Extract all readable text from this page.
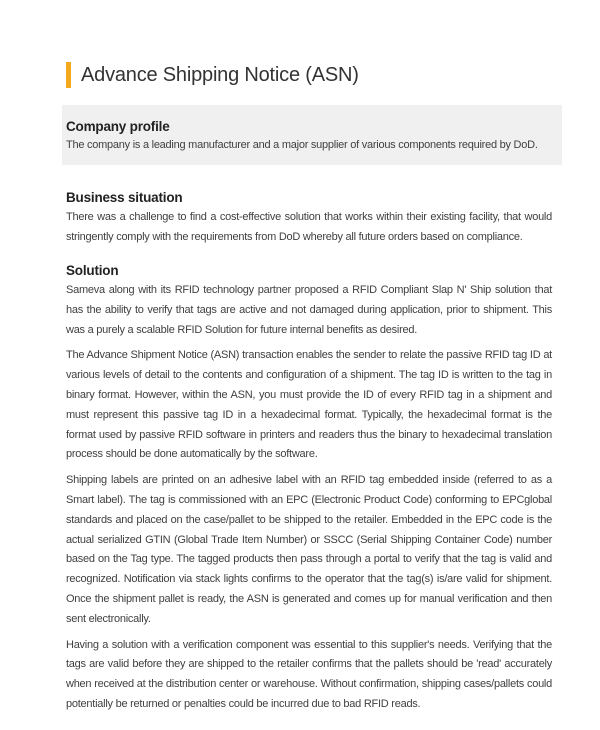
Advance Shipping Notice (ASN)
Company profile

The company is a leading manufacturer and a major supplier of various components required by DoD.

Business situation

There was a challenge to find a cost-effective solution that works within their existing facility, that would stringently comply with the requirements from DoD whereby all future orders based on compliance.

Solution

Sameva along with its RFID technology partner proposed a RFID Compliant Slap N' Ship solution that has the ability to verify that tags are active and not damaged during application, prior to shipment. This was a purely a scalable RFID Solution for future internal benefits as desired.

The Advance Shipment Notice (ASN) transaction enables the sender to relate the passive RFID tag ID at various levels of detail to the contents and configuration of a shipment. The tag ID is written to the tag in binary format. However, within the ASN, you must provide the ID of every RFID tag in a shipment and must represent this passive tag ID in a hexadecimal format. Typically, the hexadecimal format is the format used by passive RFID software in printers and readers thus the binary to hexadecimal translation process should be done automatically by the software.

Shipping labels are printed on an adhesive label with an RFID tag embedded inside (referred to as a Smart label). The tag is commissioned with an EPC (Electronic Product Code) conforming to EPCglobal standards and placed on the case/pallet to be shipped to the retailer. Embedded in the EPC code is the actual serialized GTIN (Global Trade Item Number) or SSCC (Serial Shipping Container Code) number based on the Tag type. The tagged products then pass through a portal to verify that the tag is valid and recognized. Notification via stack lights confirms to the operator that the tag(s) is/are valid for shipment. Once the shipment pallet is ready, the ASN is generated and comes up for manual verification and then sent electronically.

Having a solution with a verification component was essential to this supplier's needs. Verifying that the tags are valid before they are shipped to the retailer confirms that the pallets should be 'read' accurately when received at the distribution center or warehouse. Without confirmation, shipping cases/pallets could potentially be returned or penalties could be incurred due to bad RFID reads.
